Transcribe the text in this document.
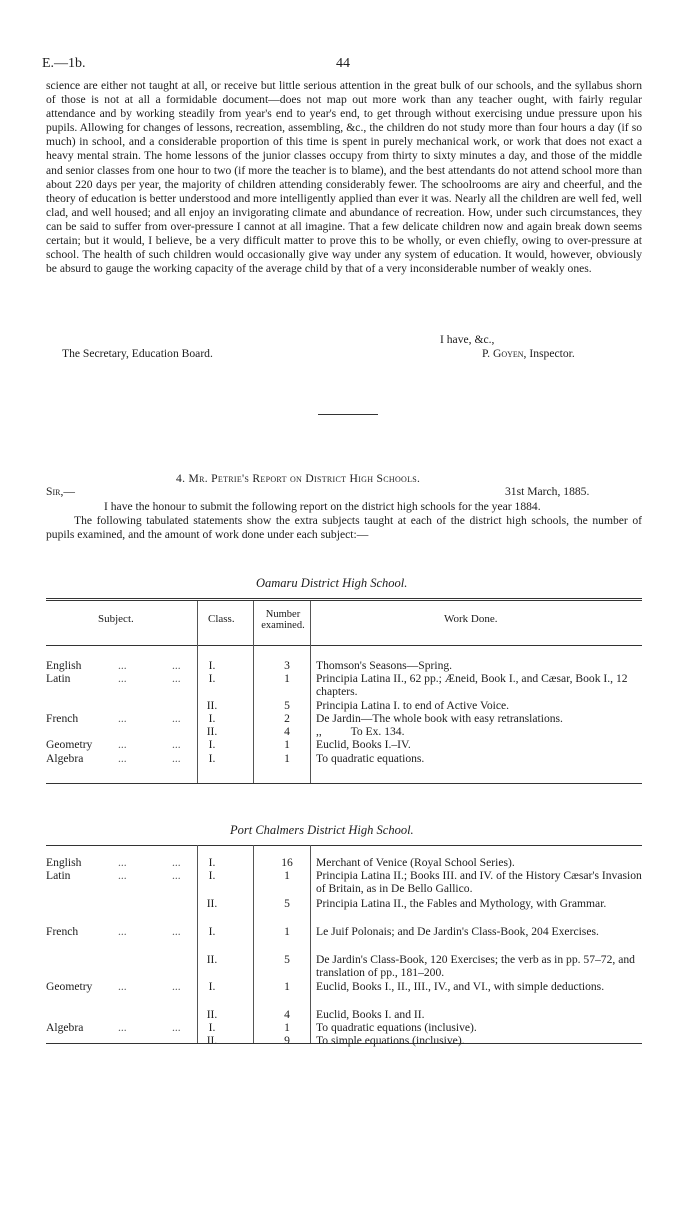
E.—1b.	44

science are either not taught at all, or receive but little serious attention in the great bulk of our schools, and the syllabus shorn of those is not at all a formidable document—does not map out more work than any teacher ought, with fairly regular attendance and by working steadily from year's end to year's end, to get through without exercising undue pressure upon his pupils. Allowing for changes of lessons, recreation, assembling, &c., the children do not study more than four hours a day (if so much) in school, and a considerable proportion of this time is spent in purely mechanical work, or work that does not exact a heavy mental strain. The home lessons of the junior classes occupy from thirty to sixty minutes a day, and those of the middle and senior classes from one hour to two (if more the teacher is to blame), and the best attendants do not attend school more than about 220 days per year, the majority of children attending considerably fewer. The schoolrooms are airy and cheerful, and the theory of education is better understood and more intelligently applied than ever it was. Nearly all the children are well fed, well clad, and well housed; and all enjoy an invigorating climate and abundance of recreation. How, under such circumstances, they can be said to suffer from over-pressure I cannot at all imagine. That a few delicate children now and again break down seems certain; but it would, I believe, be a very difficult matter to prove this to be wholly, or even chiefly, owing to over-pressure at school. The health of such children would occasionally give way under any system of education. It would, however, obviously be absurd to gauge the working capacity of the average child by that of a very inconsiderable number of weakly ones.

I have, &c.,
The Secretary, Education Board.	P. Goyen, Inspector.
4. Mr. Petrie's Report on District High Schools.
Sir,—	31st March, 1885.

I have the honour to submit the following report on the district high schools for the year 1884.

The following tabulated statements show the extra subjects taught at each of the district high schools, the number of pupils examined, and the amount of work done under each subject:—

Oamaru District High School.
Subject.	Class.	Number
examined.
Work Done.
English	...	...	I.	3	Thomson's Seasons—Spring.
Latin	...	...	I.	1	Principia Latina II., 62 pp.; Æneid, Book I., and Cæsar, Book I., 12 chapters.
II.	5	Principia Latina I. to end of Active Voice.
French	...	...	I.	2	De Jardin—The whole book with easy retranslations.
II.	4	,,          To Ex. 134.
Geometry ...	...	I.	1	Euclid, Books I.–IV.
Algebra	...	...	I.	1	To quadratic equations.
Port Chalmers District High School.
English	...	...	I.	16 Merchant of Venice (Royal School Series).
Latin	...	...	I.	1	Principia Latina II.; Books III. and IV. of the History Cæsar's Invasion of Britain, as in De Bello Gallico.
II.	5	Principia Latina II., the Fables and Mythology, with Grammar.
French	...	...	I.	1	Le Juif Polonais; and De Jardin's Class-Book, 204 Exercises.
II.	5	De Jardin's Class-Book, 120 Exercises; the verb as in pp. 57–72, and translation of pp., 181–200.
Geometry ...	...	I.	1	Euclid, Books I., II., III., IV., and VI., with simple deductions.
II.	4	Euclid, Books I. and II.
Algebra	...	...	I.	1	To quadratic equations (inclusive).
II.	9	To simple equations (inclusive).
